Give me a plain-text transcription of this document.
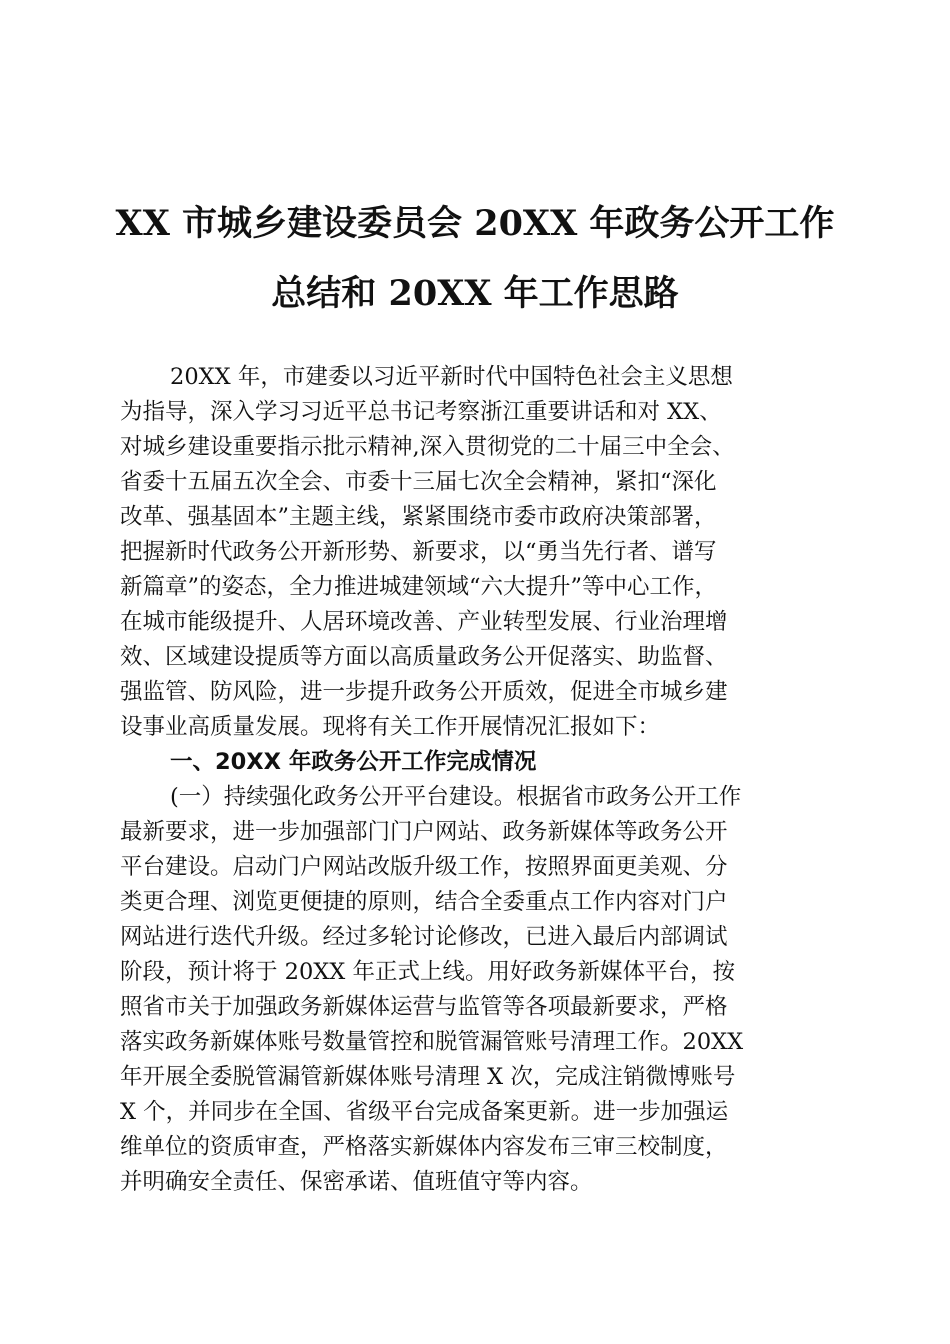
XX 市城乡建设委员会 20XX 年政务公开工作
总结和 20XX 年工作思路
20XX 年，市建委以习近平新时代中国特色社会主义思想
为指导，深入学习习近平总书记考察浙江重要讲话和对 XX、
对城乡建设重要指示批示精神,深入贯彻党的二十届三中全会、
省委十五届五次全会、市委十三届七次全会精神，紧扣“深化
改革、强基固本”主题主线，紧紧围绕市委市政府决策部署，
把握新时代政务公开新形势、新要求，以“勇当先行者、谱写
新篇章”的姿态，全力推进城建领域“六大提升”等中心工作，
在城市能级提升、人居环境改善、产业转型发展、行业治理增
效、区域建设提质等方面以高质量政务公开促落实、助监督、
强监管、防风险，进一步提升政务公开质效，促进全市城乡建
设事业高质量发展。现将有关工作开展情况汇报如下：
一、20XX 年政务公开工作完成情况
(一）持续强化政务公开平台建设。根据省市政务公开工作
最新要求，进一步加强部门门户网站、政务新媒体等政务公开
平台建设。启动门户网站改版升级工作，按照界面更美观、分
类更合理、浏览更便捷的原则，结合全委重点工作内容对门户
网站进行迭代升级。经过多轮讨论修改，已进入最后内部调试
阶段，预计将于 20XX 年正式上线。用好政务新媒体平台，按
照省市关于加强政务新媒体运营与监管等各项最新要求，严格
落实政务新媒体账号数量管控和脱管漏管账号清理工作。20XX
年开展全委脱管漏管新媒体账号清理 X 次，完成注销微博账号
X 个，并同步在全国、省级平台完成备案更新。进一步加强运
维单位的资质审查，严格落实新媒体内容发布三审三校制度，
并明确安全责任、保密承诺、值班值守等内容。
